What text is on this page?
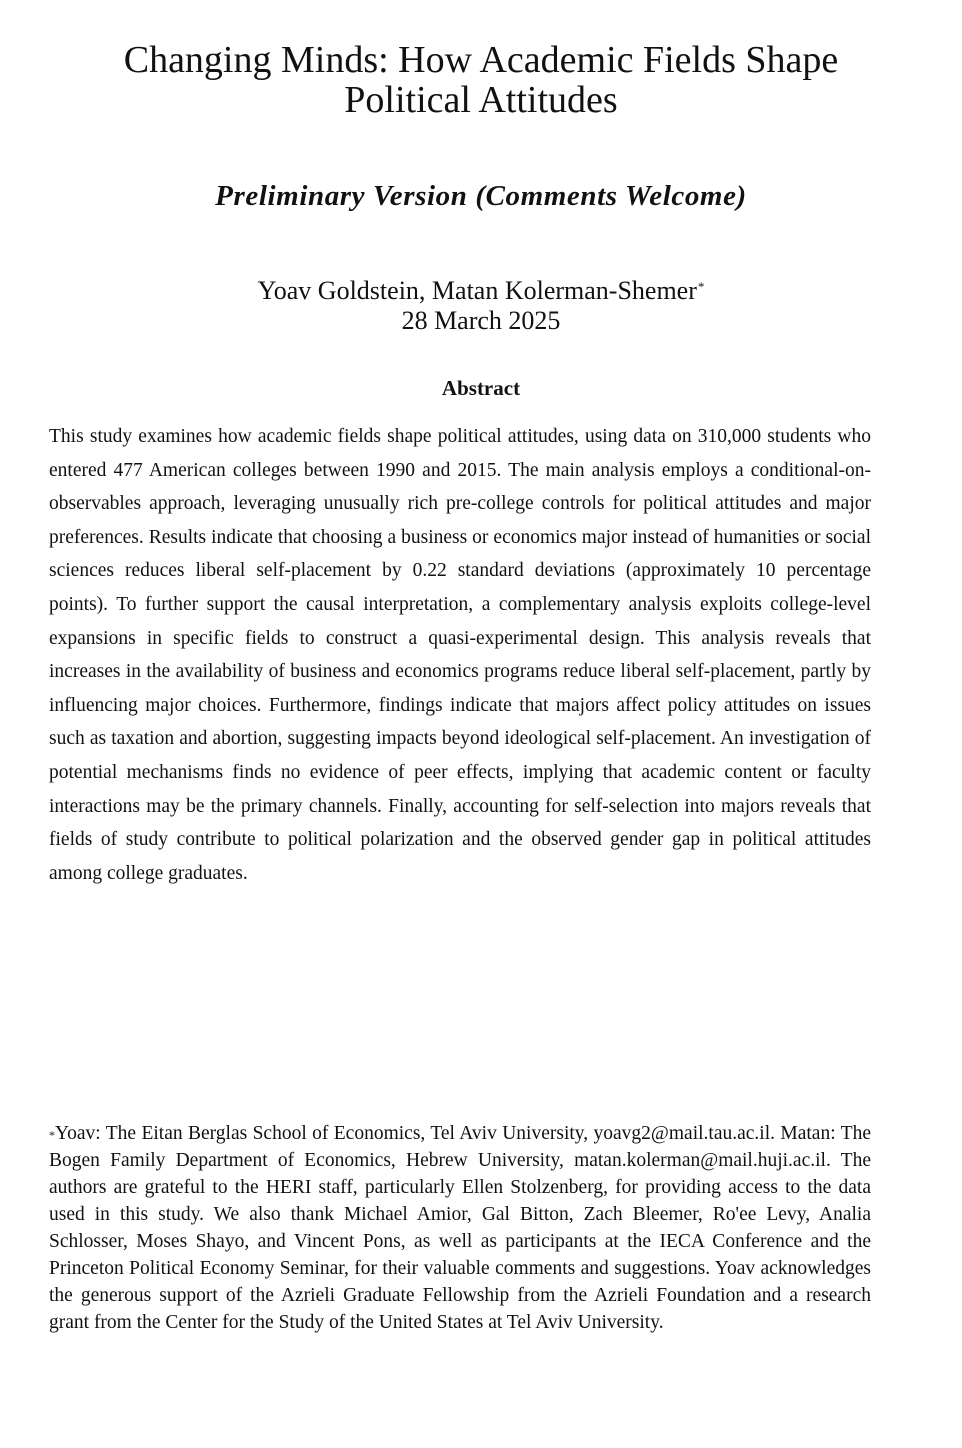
Changing Minds: How Academic Fields Shape
Political Attitudes
Preliminary Version (Comments Welcome)
Yoav Goldstein, Matan Kolerman-Shemer*
28 March 2025
Abstract

This study examines how academic fields shape political attitudes, using data on 310,000 students who entered 477 American colleges between 1990 and 2015. The main analysis employs a conditional-on-observables approach, leveraging unusually rich pre-college controls for political attitudes and major preferences. Results indicate that choosing a business or economics major instead of humanities or social sciences reduces liberal self-placement by 0.22 standard deviations (approximately 10 percentage points). To further support the causal interpretation, a complementary analysis exploits college-level expansions in specific fields to construct a quasi-experimental design. This analysis reveals that increases in the availability of business and economics programs reduce liberal self-placement, partly by influencing major choices. Furthermore, findings indicate that majors affect policy attitudes on issues such as taxation and abortion, suggesting impacts beyond ideological self-placement. An investigation of potential mechanisms finds no evidence of peer effects, implying that academic content or faculty interactions may be the primary channels. Finally, accounting for self-selection into majors reveals that fields of study contribute to political polarization and the observed gender gap in political attitudes among college graduates.

*Yoav: The Eitan Berglas School of Economics, Tel Aviv University, yoavg2@mail.tau.ac.il. Matan: The Bogen Family Department of Economics, Hebrew University, matan.kolerman@mail.huji.ac.il. The authors are grateful to the HERI staff, particularly Ellen Stolzenberg, for providing access to the data used in this study. We also thank Michael Amior, Gal Bitton, Zach Bleemer, Ro'ee Levy, Analia Schlosser, Moses Shayo, and Vincent Pons, as well as participants at the IECA Conference and the Princeton Political Economy Seminar, for their valuable comments and suggestions. Yoav acknowledges the generous support of the Azrieli Graduate Fellowship from the Azrieli Foundation and a research grant from the Center for the Study of the United States at Tel Aviv University.
